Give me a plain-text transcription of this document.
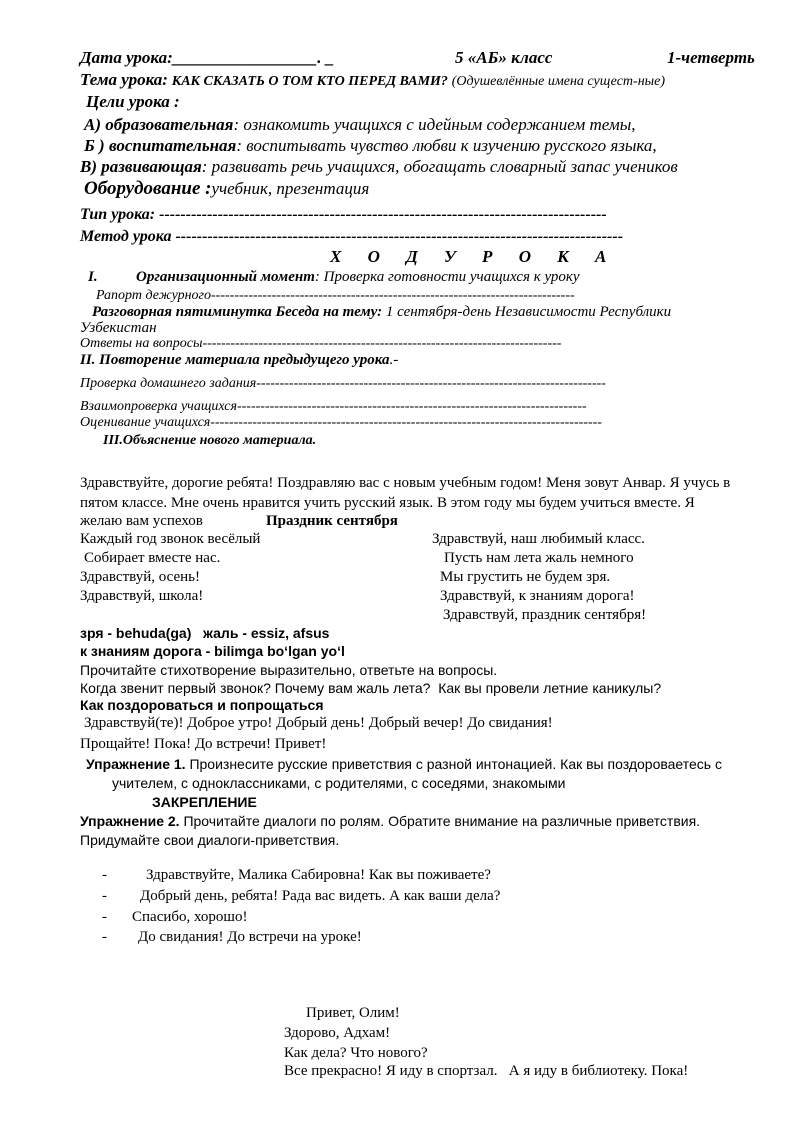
Дата урока:_________________. _	5 «АБ» класс	1-четверть
Тема урока: КАК СКАЗАТЬ О ТОМ КТО ПЕРЕД ВАМИ? (Одушевлённые имена сущест-ные)
Цели урока :
А) образовательная: ознакомить учащихся с идейным содержанием темы,
Б ) воспитательная: воспитывать чувство любви к изучению русского языка,
В) развивающая: развивать речь учащихся, обогащать словарный запас учеников
Оборудование :учебник, презентация
Тип урока: ------------------------------------------------------------------------------------
Метод урока ------------------------------------------------------------------------------------
Х О Д У Р О К А
I.	Организационный момент: Проверка готовности учащихся к уроку
Рапорт дежурного------------------------------------------------------------------------------
Разговорная пятиминутка Беседа на тему: 1 сентября-день Независимости Республики
Узбекистан
Ответы на вопросы-----------------------------------------------------------------------------
II. Повторение материала предыдущего урока.-
Проверка домашнего задания---------------------------------------------------------------------------
Взаимопроверка учащихся---------------------------------------------------------------------------
Оценивание учащихся------------------------------------------------------------------------------------
III.Объяснение нового материала.
Здравствуйте, дорогие ребята! Поздравляю вас с новым учебным годом! Меня зовут Анвар. Я учусь в
пятом классе. Мне очень нравится учить русский язык. В этом году мы будем учиться вместе. Я
желаю вам успехов	Праздник сентября
Каждый год звонок весёлый
Собирает вместе нас.
Здравствуй, осень!
Здравствуй, школа!
Здравствуй, наш любимый класс.
Пусть нам лета жаль немного
Мы грустить не будем зря.
Здравствуй, к знаниям дорога!
Здравствуй, праздник сентября!
зря - behuda(ga)   жаль - essiz, afsus
к знаниям дорога - bilimga boʻlgan yoʻl
Прочитайте стихотворение выразительно, ответьте на вопросы.
Когда звенит первый звонок? Почему вам жаль лета?  Как вы провели летние каникулы?
Как поздороваться и попрощаться
Здравствуй(те)! Доброе утро! Добрый день! Добрый вечер! До свидания!
Прощайте! Пока! До встречи! Привет!
Упражнение 1. Произнесите русские приветствия с разной интонацией. Как вы поздороваетесь с
учителем, с одноклассниками, с родителями, с соседями, знакомыми
ЗАКРЕПЛЕНИЕ
Упражнение 2. Прочитайте диалоги по ролям. Обратите внимание на различные приветствия.
Придумайте свои диалоги-приветствия.
-	Здравствуйте, Малика Сабировна! Как вы поживаете?
- Добрый день, ребята! Рада вас видеть. А как ваши дела?
- Спасибо, хорошо!
- До свидания! До встречи на уроке!
Привет, Олим!
Здорово, Адхам!
Как дела? Что нового?
Все прекрасно! Я иду в спортзал.   А я иду в библиотеку. Пока!
